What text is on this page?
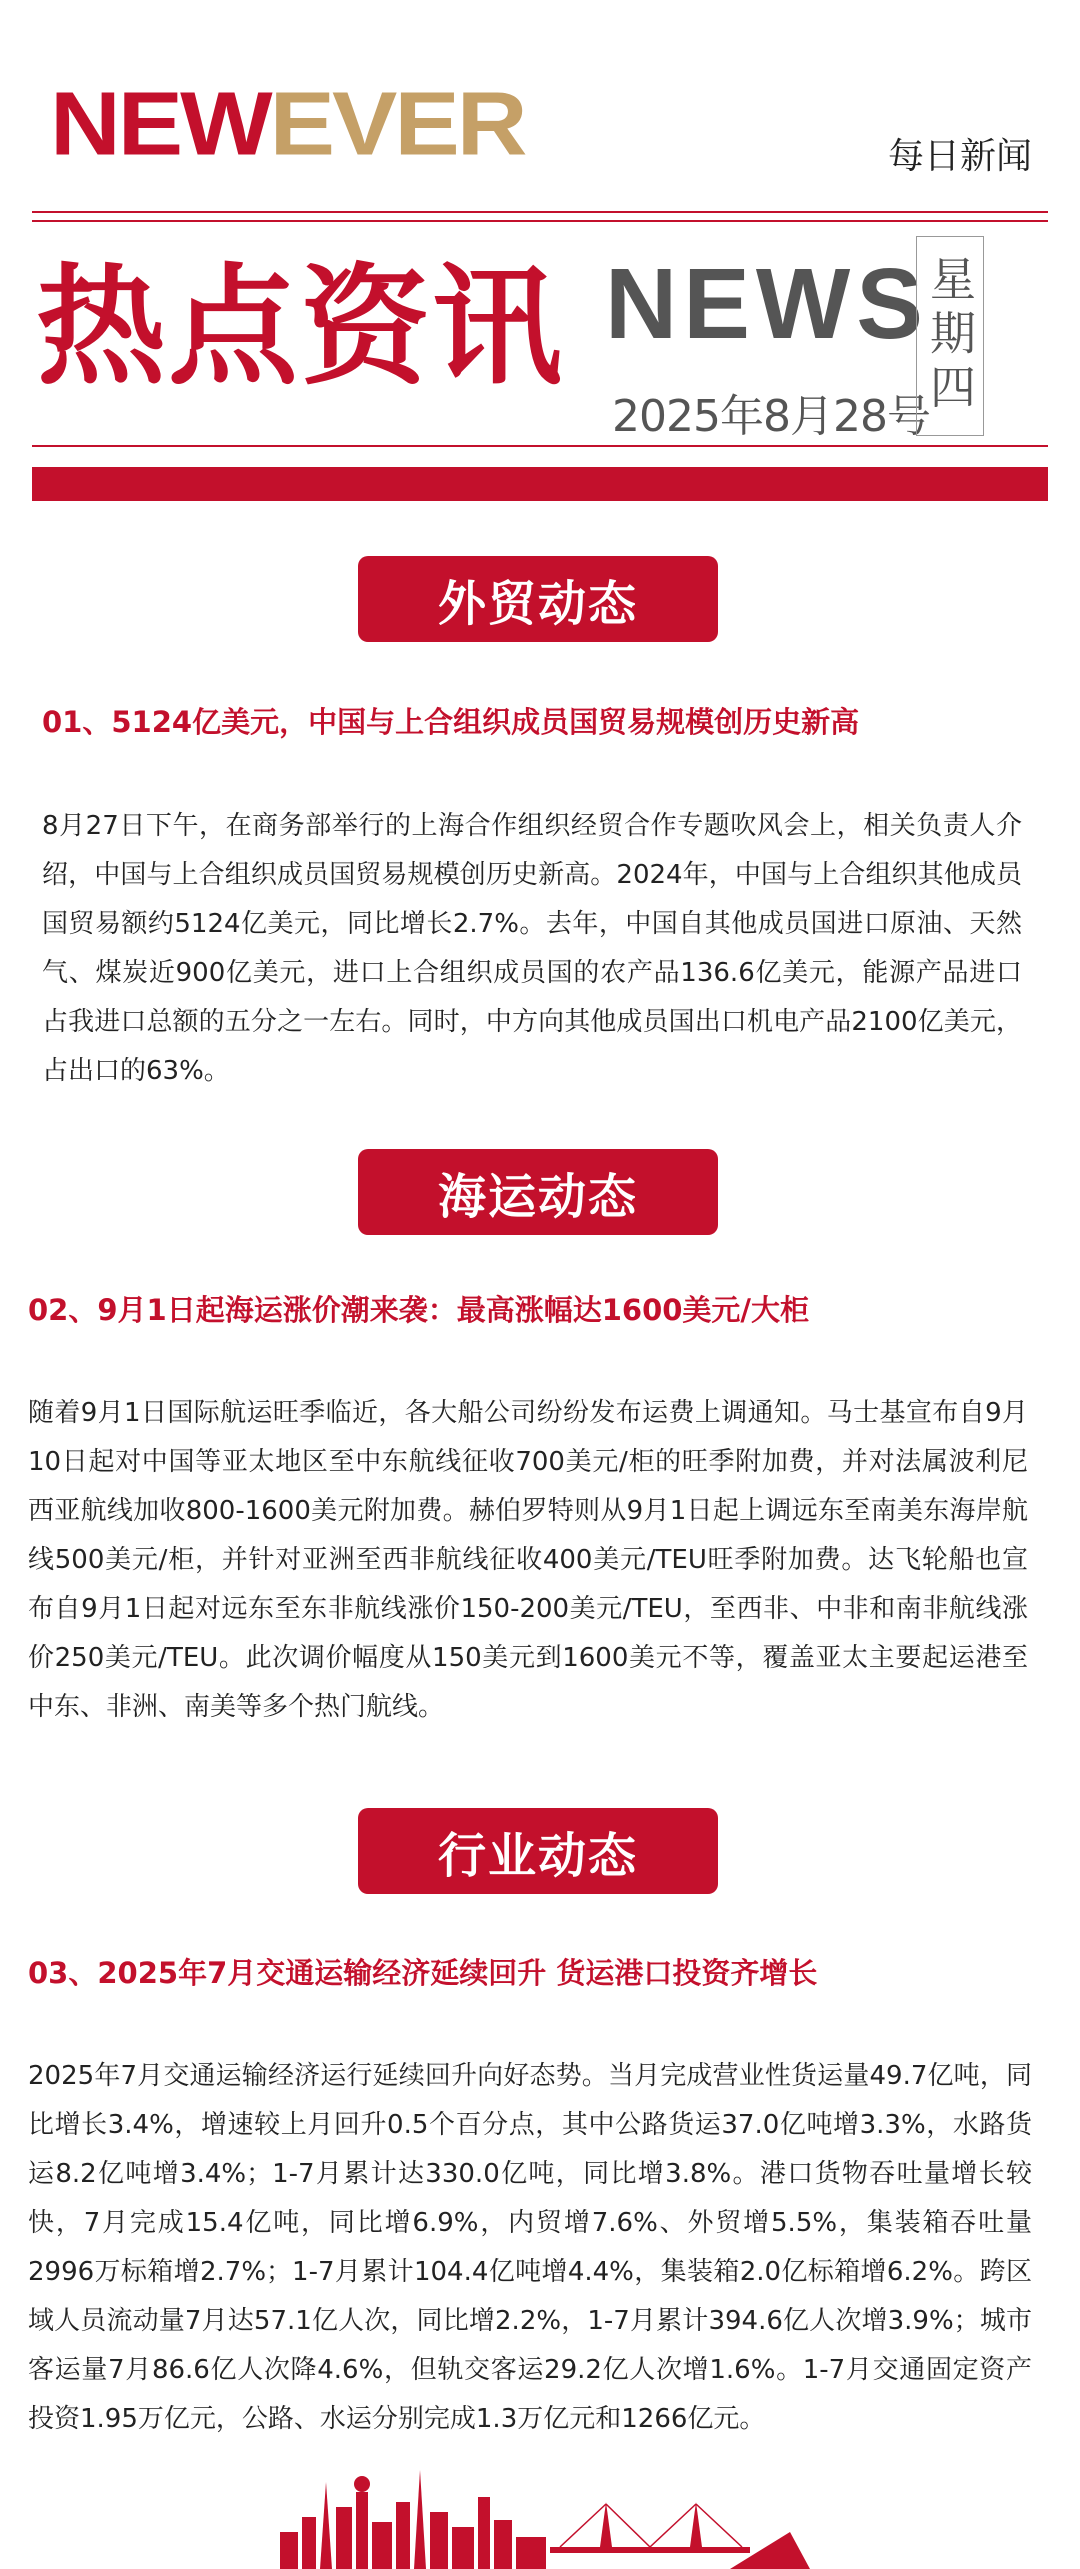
NEWEVER	每日新闻
热点资讯 NEWS
2025年8月28号
星期四
外贸动态
01、5124亿美元，中国与上合组织成员国贸易规模创历史新高

8月27日下午，在商务部举行的上海合作组织经贸合作专题吹风会上，相关负责人介绍，中国与上合组织成员国贸易规模创历史新高。2024年，中国与上合组织其他成员国贸易额约5124亿美元，同比增长2.7%。去年，中国自其他成员国进口原油、天然气、煤炭近900亿美元，进口上合组织成员国的农产品136.6亿美元，能源产品进口占我进口总额的五分之一左右。同时，中方向其他成员国出口机电产品2100亿美元，占出口的63%。

海运动态
02、9月1日起海运涨价潮来袭：最高涨幅达1600美元/大柜

随着9月1日国际航运旺季临近，各大船公司纷纷发布运费上调通知。马士基宣布自9月10日起对中国等亚太地区至中东航线征收700美元/柜的旺季附加费，并对法属波利尼西亚航线加收800-1600美元附加费。赫伯罗特则从9月1日起上调远东至南美东海岸航线500美元/柜，并针对亚洲至西非航线征收400美元/TEU旺季附加费。达飞轮船也宣布自9月1日起对远东至东非航线涨价150-200美元/TEU，至西非、中非和南非航线涨价250美元/TEU。此次调价幅度从150美元到1600美元不等，覆盖亚太主要起运港至中东、非洲、南美等多个热门航线。

行业动态
03、2025年7月交通运输经济延续回升 货运港口投资齐增长

2025年7月交通运输经济运行延续回升向好态势。当月完成营业性货运量49.7亿吨，同比增长3.4%，增速较上月回升0.5个百分点，其中公路货运37.0亿吨增3.3%，水路货运8.2亿吨增3.4%；1-7月累计达330.0亿吨，同比增3.8%。港口货物吞吐量增长较快，7月完成15.4亿吨，同比增6.9%，内贸增7.6%、外贸增5.5%，集装箱吞吐量2996万标箱增2.7%；1-7月累计104.4亿吨增4.4%，集装箱2.0亿标箱增6.2%。跨区域人员流动量7月达57.1亿人次，同比增2.2%，1-7月累计394.6亿人次增3.9%；城市客运量7月86.6亿人次降4.6%，但轨交客运29.2亿人次增1.6%。1-7月交通固定资产投资1.95万亿元，公路、水运分别完成1.3万亿元和1266亿元。
